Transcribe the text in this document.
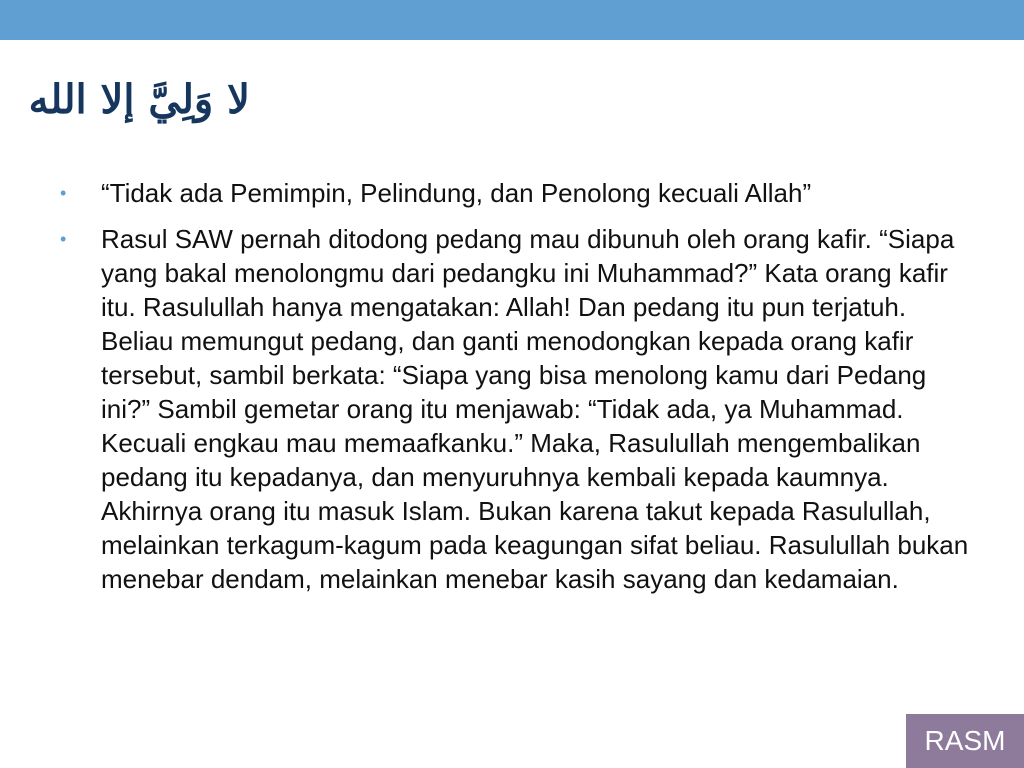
لا وَلِيَّ إلا الله
•	“Tidak ada Pemimpin, Pelindung, dan Penolong kecuali Allah”
•	Rasul SAW pernah ditodong pedang mau dibunuh oleh orang kafir. “Siapa yang bakal menolongmu dari pedangku ini Muhammad?” Kata orang kafir itu. Rasulullah hanya mengatakan: Allah! Dan pedang itu pun terjatuh. Beliau memungut pedang, dan ganti menodongkan kepada orang kafir tersebut, sambil berkata: “Siapa yang bisa menolong kamu dari Pedang ini?” Sambil gemetar orang itu menjawab: “Tidak ada, ya Muhammad. Kecuali engkau mau memaafkanku.” Maka, Rasulullah mengembalikan pedang itu kepadanya, dan menyuruhnya kembali kepada kaumnya. Akhirnya orang itu masuk Islam. Bukan karena takut kepada Rasulullah, melainkan terkagum-kagum pada keagungan sifat beliau. Rasulullah bukan menebar dendam, melainkan menebar kasih sayang dan kedamaian.
RASM
